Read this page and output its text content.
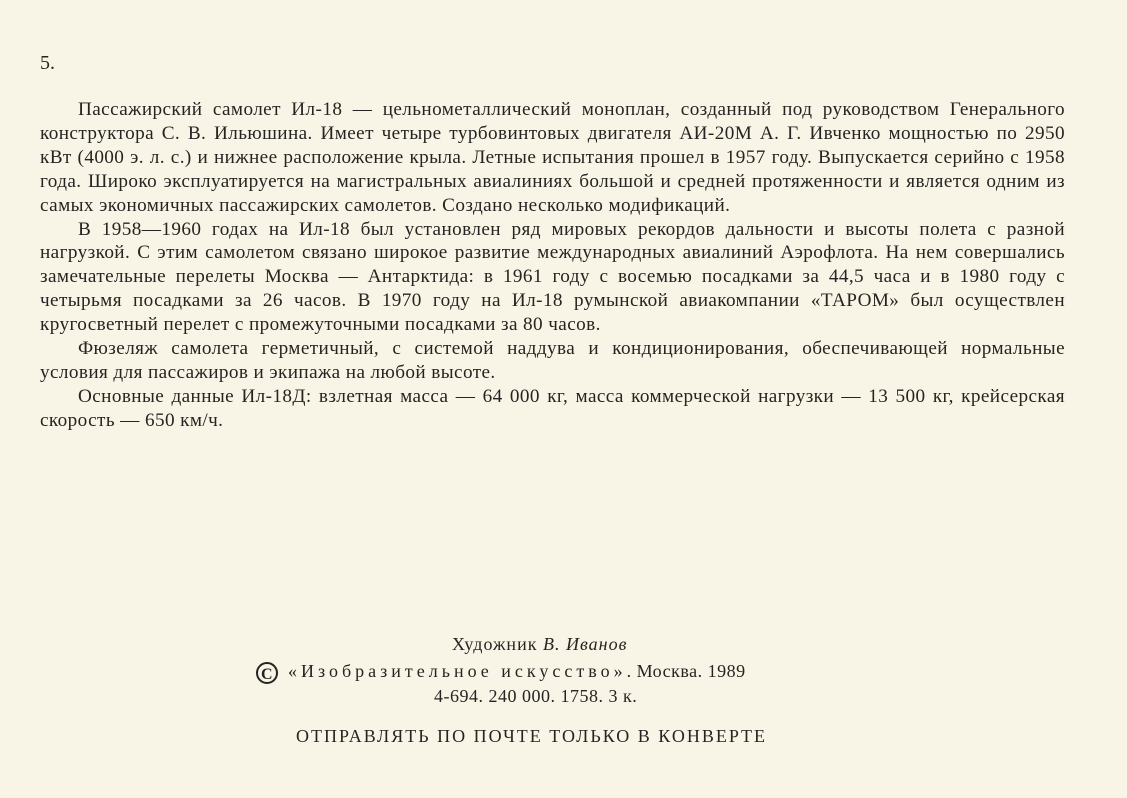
5.

Пассажирский самолет Ил-18 — цельнометаллический моноплан, созданный под руководством Генерального конструктора С. В. Ильюшина. Имеет четыре турбовинтовых двигателя АИ-20М А. Г. Ивченко мощностью по 2950 кВт (4000 э. л. с.) и нижнее расположение крыла. Летные испытания прошел в 1957 году. Выпускается серийно с 1958 года. Широко эксплуатируется на магистральных авиалиниях большой и средней протяженности и является одним из самых экономичных пассажирских самолетов. Создано несколько модификаций.

В 1958—1960 годах на Ил-18 был установлен ряд мировых рекордов дальности и высоты полета с разной нагрузкой. С этим самолетом связано широкое развитие международных авиалиний Аэрофлота. На нем совершались замечательные перелеты Москва — Антарктида: в 1961 году с восемью посадками за 44,5 часа и в 1980 году с четырьмя посадками за 26 часов. В 1970 году на Ил-18 румынской авиакомпании «ТАРОМ» был осуществлен кругосветный перелет с промежуточными посадками за 80 часов.

Фюзеляж самолета герметичный, с системой наддува и кондиционирования, обеспечивающей нормальные условия для пассажиров и экипажа на любой высоте.

Основные данные Ил-18Д: взлетная масса — 64 000 кг, масса коммерческой нагрузки — 13 500 кг, крейсерская скорость — 650 км/ч.

Художник В. Иванов
C «Изобразительное искусство». Москва. 1989
4-694. 240 000. 1758. 3 к.
ОТПРАВЛЯТЬ ПО ПОЧТЕ ТОЛЬКО В КОНВЕРТЕ
